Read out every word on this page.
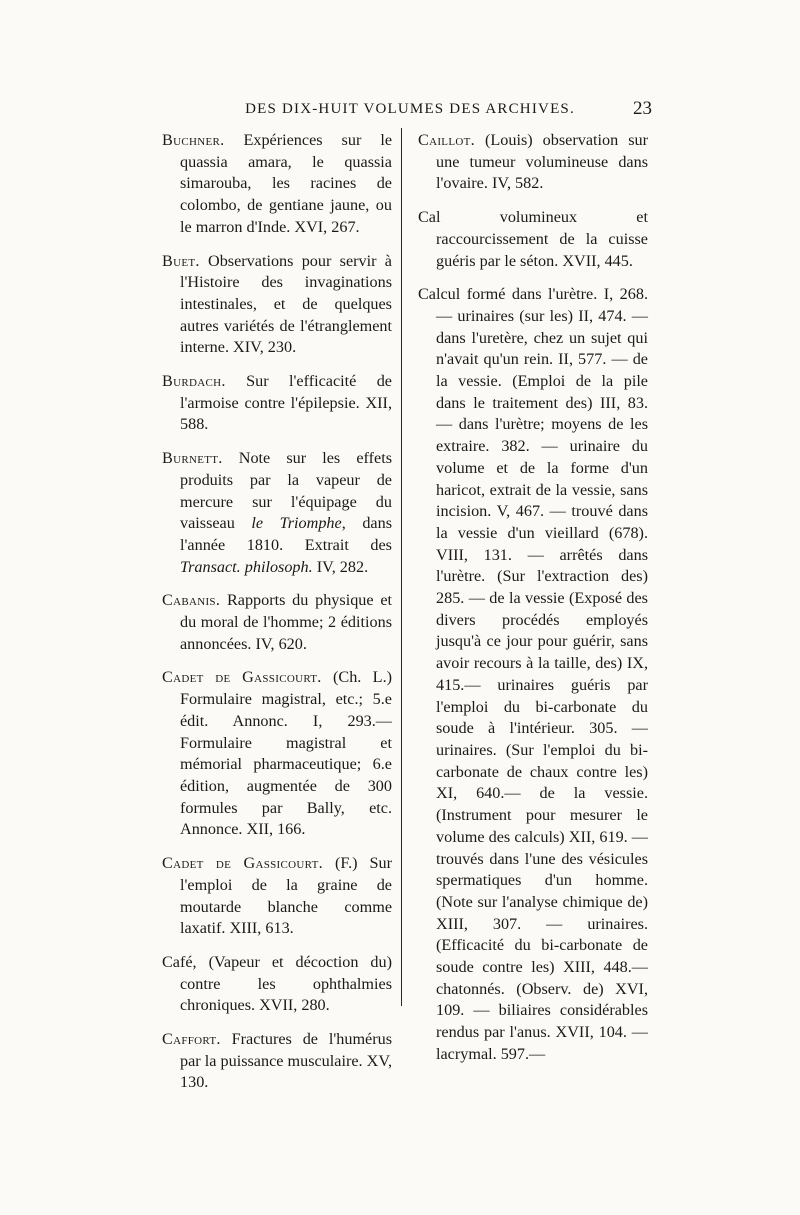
DES DIX-HUIT VOLUMES DES ARCHIVES.	23

Buchner. Expériences sur le quassia amara, le quassia simarouba, les racines de colombo, de gentiane jaune, ou le marron d'Inde. XVI, 267.

Buet. Observations pour servir à l'Histoire des invaginations intestinales, et de quelques autres variétés de l'étranglement interne. XIV, 230.

Burdach. Sur l'efficacité de l'armoise contre l'épilepsie. XII, 588.

Burnett. Note sur les effets produits par la vapeur de mercure sur l'équipage du vaisseau le Triomphe, dans l'année 1810. Extrait des Transact. philosoph. IV, 282.

Cabanis. Rapports du physique et du moral de l'homme; 2 éditions annoncées. IV, 620.

Cadet de Gassicourt. (Ch. L.) Formulaire magistral, etc.; 5.e édit. Annonc. I, 293.— Formulaire magistral et mémorial pharmaceutique; 6.e édition, augmentée de 300 formules par Bally, etc. Annonce. XII, 166.

Cadet de Gassicourt. (F.) Sur l'emploi de la graine de moutarde blanche comme laxatif. XIII, 613.

Café, (Vapeur et décoction du) contre les ophthalmies chroniques. XVII, 280.

Caffort. Fractures de l'humérus par la puissance musculaire. XV, 130.

Caillot. (Louis) observation sur une tumeur volumineuse dans l'ovaire. IV, 582.

Cal volumineux et raccourcissement de la cuisse guéris par le séton. XVII, 445.

Calcul formé dans l'urètre. I, 268. — urinaires (sur les) II, 474. — dans l'uretère, chez un sujet qui n'avait qu'un rein. II, 577. — de la vessie. (Emploi de la pile dans le traitement des) III, 83. — dans l'urètre; moyens de les extraire. 382. — urinaire du volume et de la forme d'un haricot, extrait de la vessie, sans incision. V, 467. — trouvé dans la vessie d'un vieillard (678). VIII, 131. — arrêtés dans l'urètre. (Sur l'extraction des) 285. — de la vessie (Exposé des divers procédés employés jusqu'à ce jour pour guérir, sans avoir recours à la taille, des) IX, 415.— urinaires guéris par l'emploi du bi-carbonate du soude à l'intérieur. 305. — urinaires. (Sur l'emploi du bi-carbonate de chaux contre les) XI, 640.— de la vessie. (Instrument pour mesurer le volume des calculs) XII, 619. — trouvés dans l'une des vésicules spermatiques d'un homme. (Note sur l'analyse chimique de) XIII, 307. — urinaires. (Efficacité du bi-carbonate de soude contre les) XIII, 448.—chatonnés. (Observ. de) XVI, 109. — biliaires considérables rendus par l'anus. XVII, 104. — lacrymal. 597.—
